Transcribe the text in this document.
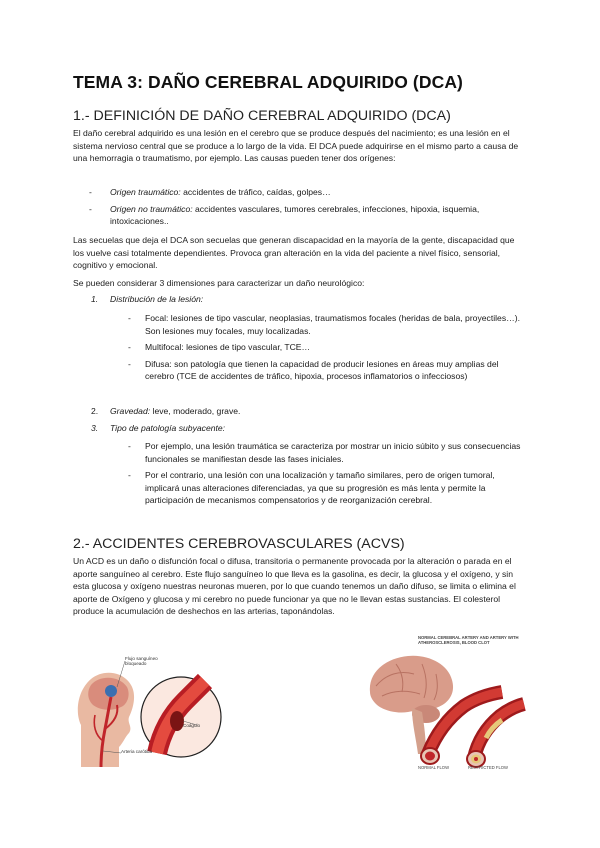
TEMA 3: DAÑO CEREBRAL ADQUIRIDO (DCA)
1.- DEFINICIÓN DE DAÑO CEREBRAL ADQUIRIDO (DCA)

El daño cerebral adquirido es una lesión en el cerebro que se produce después del nacimiento; es una lesión en el sistema nervioso central que se produce a lo largo de la vida. El DCA puede adquirirse en el mismo parto a causa de una hemorragia o traumatismo, por ejemplo. Las causas pueden tener dos orígenes:

- Origen traumático: accidentes de tráfico, caídas, golpes…
- Origen no traumático: accidentes vasculares, tumores cerebrales, infecciones, hipoxia, isquemia, intoxicaciones..

Las secuelas que deja el DCA son secuelas que generan discapacidad en la mayoría de la gente, discapacidad que los vuelve casi totalmente dependientes. Provoca gran alteración en la vida del paciente a nivel físico, sensorial, cognitivo y emocional.

Se pueden considerar 3 dimensiones para caracterizar un daño neurológico:

1. Distribución de la lesión:
- Focal: lesiones de tipo vascular, neoplasias, traumatismos focales (heridas de bala, proyectiles…). Son lesiones muy focales, muy localizadas.
- Multifocal: lesiones de tipo vascular, TCE…
- Difusa: son patología que tienen la capacidad de producir lesiones en áreas muy amplias del cerebro (TCE de accidentes de tráfico, hipoxia, procesos inflamatorios o infecciosos)
2. Gravedad: leve, moderado, grave.
3. Tipo de patología subyacente:
- Por ejemplo, una lesión traumática se caracteriza por mostrar un inicio súbito y sus consecuencias funcionales se manifiestan desde las fases iniciales.
- Por el contrario, una lesión con una localización y tamaño similares, pero de origen tumoral, implicará unas alteraciones diferenciadas, ya que su progresión es más lenta y permite la participación de mecanismos compensatorios y de reorganización cerebral.
2.- ACCIDENTES CEREBROVASCULARES (ACVS)

Un ACD es un daño o disfunción focal o difusa, transitoria o permanente provocada por la alteración o parada en el aporte sanguíneo al cerebro. Este flujo sanguíneo lo que lleva es la gasolina, es decir, la glucosa y el oxígeno, y sin esta glucosa y oxígeno nuestras neuronas mueren, por lo que cuando tenemos un daño difuso, se limita o elimina el aporte de Oxígeno y glucosa y mi cerebro no puede funcionar ya que no le llevan estas sustancias. El colesterol produce la acumulación de deshechos en las arterias, taponándolas.

Flujo sanguíneo bloqueado
Coágulo
Arteria carótida
NORMAL CEREBRAL ARTERY AND ARTERY WITH ATHEROSCLEROSIS, BLOOD CLOT
NORMAL FLOW	RESTRICTED FLOW
